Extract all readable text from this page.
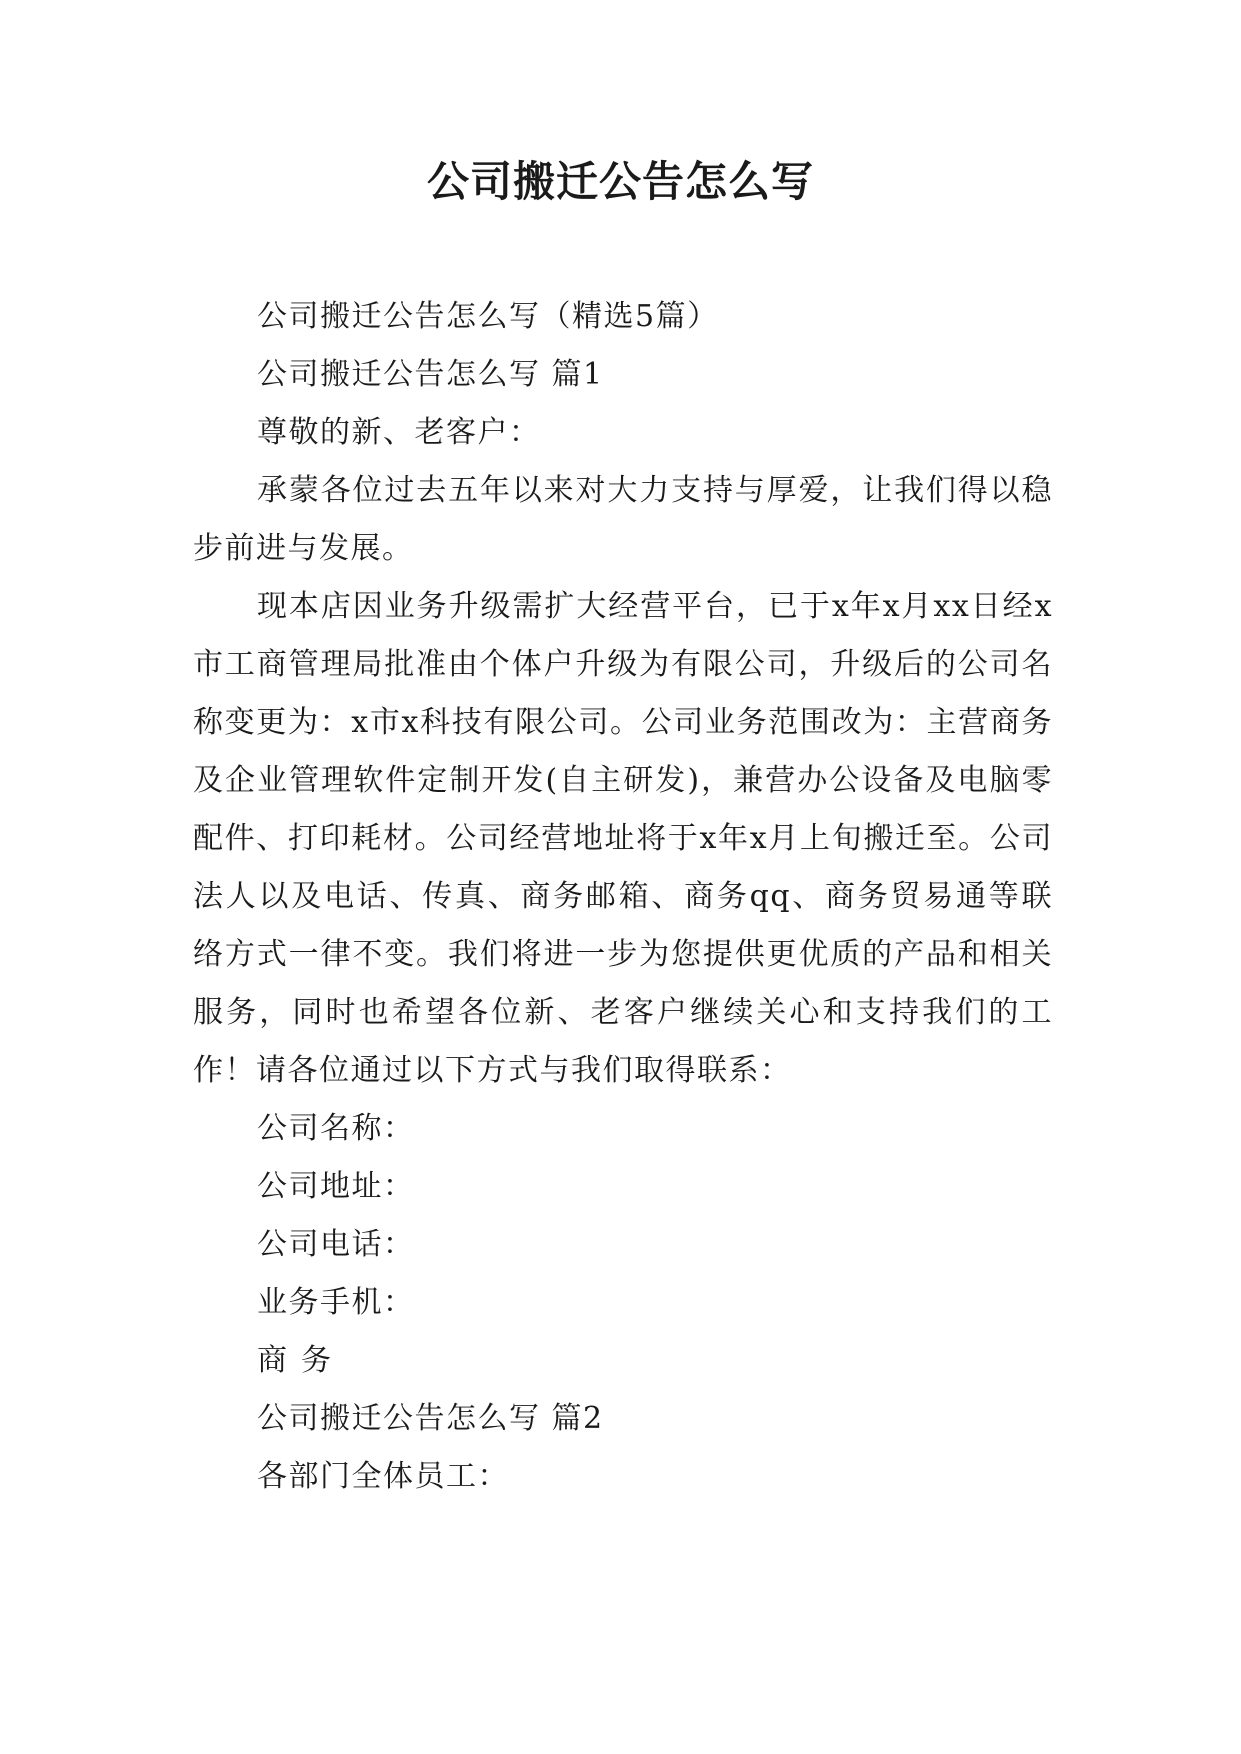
公司搬迁公告怎么写

公司搬迁公告怎么写（精选5篇）

公司搬迁公告怎么写 篇1

尊敬的新、老客户：

承蒙各位过去五年以来对大力支持与厚爱，让我们得以稳步前进与发展。

现本店因业务升级需扩大经营平台，已于x年x月xx日经x市工商管理局批准由个体户升级为有限公司，升级后的公司名称变更为：x市x科技有限公司。公司业务范围改为：主营商务及企业管理软件定制开发(自主研发)，兼营办公设备及电脑零配件、打印耗材。公司经营地址将于x年x月上旬搬迁至。公司法人以及电话、传真、商务邮箱、商务qq、商务贸易通等联络方式一律不变。我们将进一步为您提供更优质的产品和相关服务，同时也希望各位新、老客户继续关心和支持我们的工作！请各位通过以下方式与我们取得联系：

公司名称：

公司地址：

公司电话：

业务手机：

商务

公司搬迁公告怎么写 篇2

各部门全体员工：
